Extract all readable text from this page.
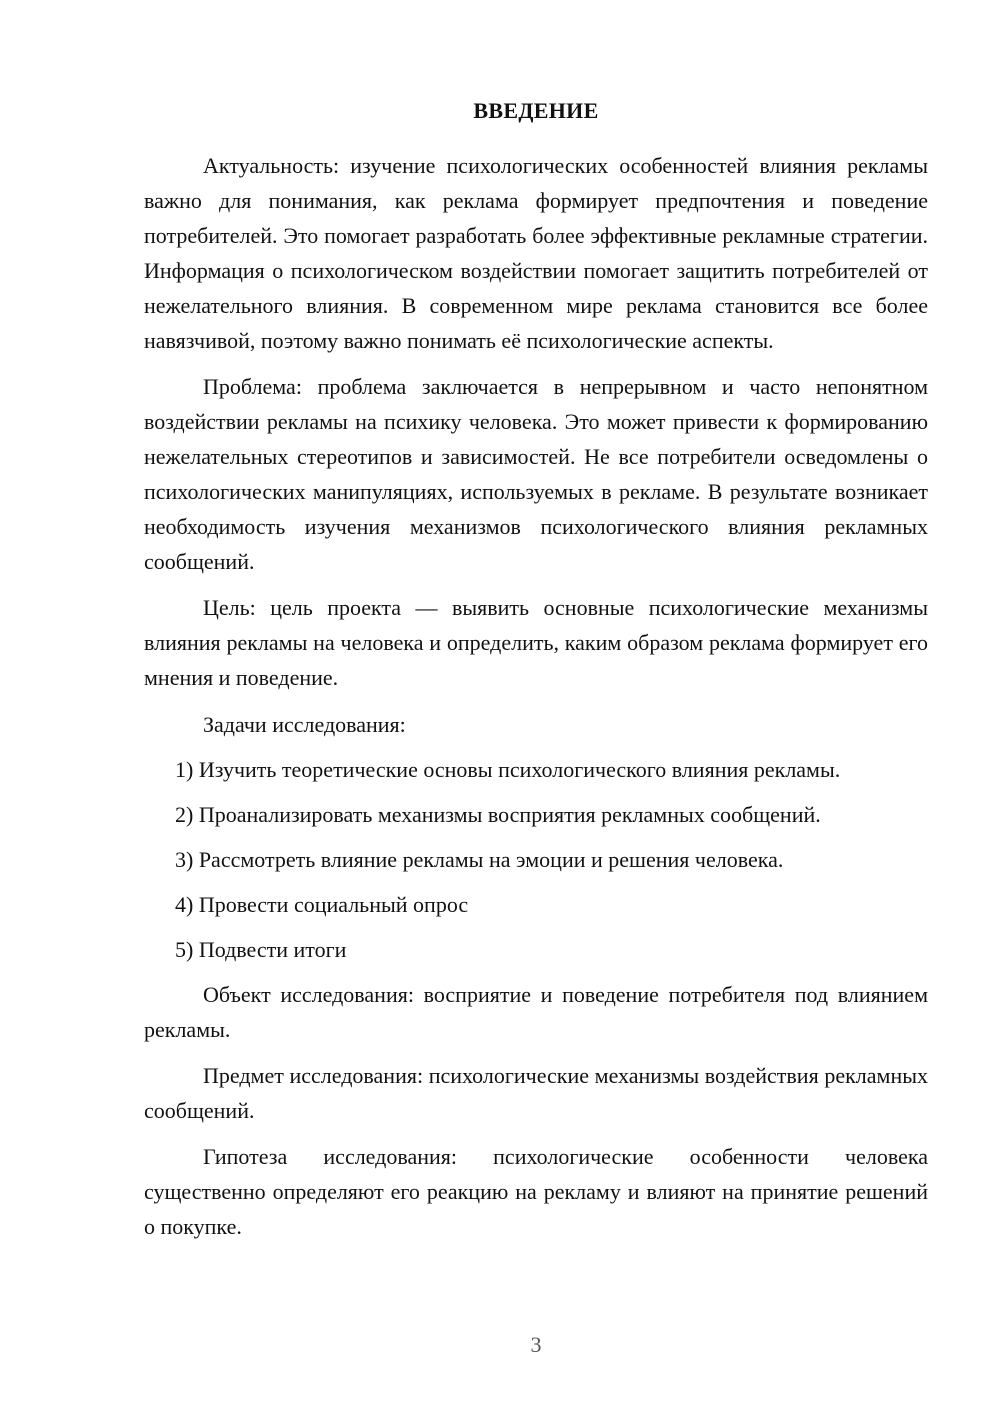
ВВЕДЕНИЕ

Актуальность: изучение психологических особенностей влияния рекламы важно для понимания, как реклама формирует предпочтения и поведение потребителей. Это помогает разработать более эффективные рекламные стратегии. Информация о психологическом воздействии помогает защитить потребителей от нежелательного влияния. В современном мире реклама становится все более навязчивой, поэтому важно понимать её психологические аспекты.

Проблема: проблема заключается в непрерывном и часто непонятном воздействии рекламы на психику человека. Это может привести к формированию нежелательных стереотипов и зависимостей. Не все потребители осведомлены о психологических манипуляциях, используемых в рекламе. В результате возникает необходимость изучения механизмов психологического влияния рекламных сообщений.

Цель: цель проекта — выявить основные психологические механизмы влияния рекламы на человека и определить, каким образом реклама формирует его мнения и поведение.

Задачи исследования:

1) Изучить теоретические основы психологического влияния рекламы.
2) Проанализировать механизмы восприятия рекламных сообщений.
3) Рассмотреть влияние рекламы на эмоции и решения человека.
4) Провести социальный опрос
5) Подвести итоги

Объект исследования: восприятие и поведение потребителя под влиянием рекламы.

Предмет исследования: психологические механизмы воздействия рекламных сообщений.

Гипотеза исследования: психологические особенности человека существенно определяют его реакцию на рекламу и влияют на принятие решений о покупке.

3
